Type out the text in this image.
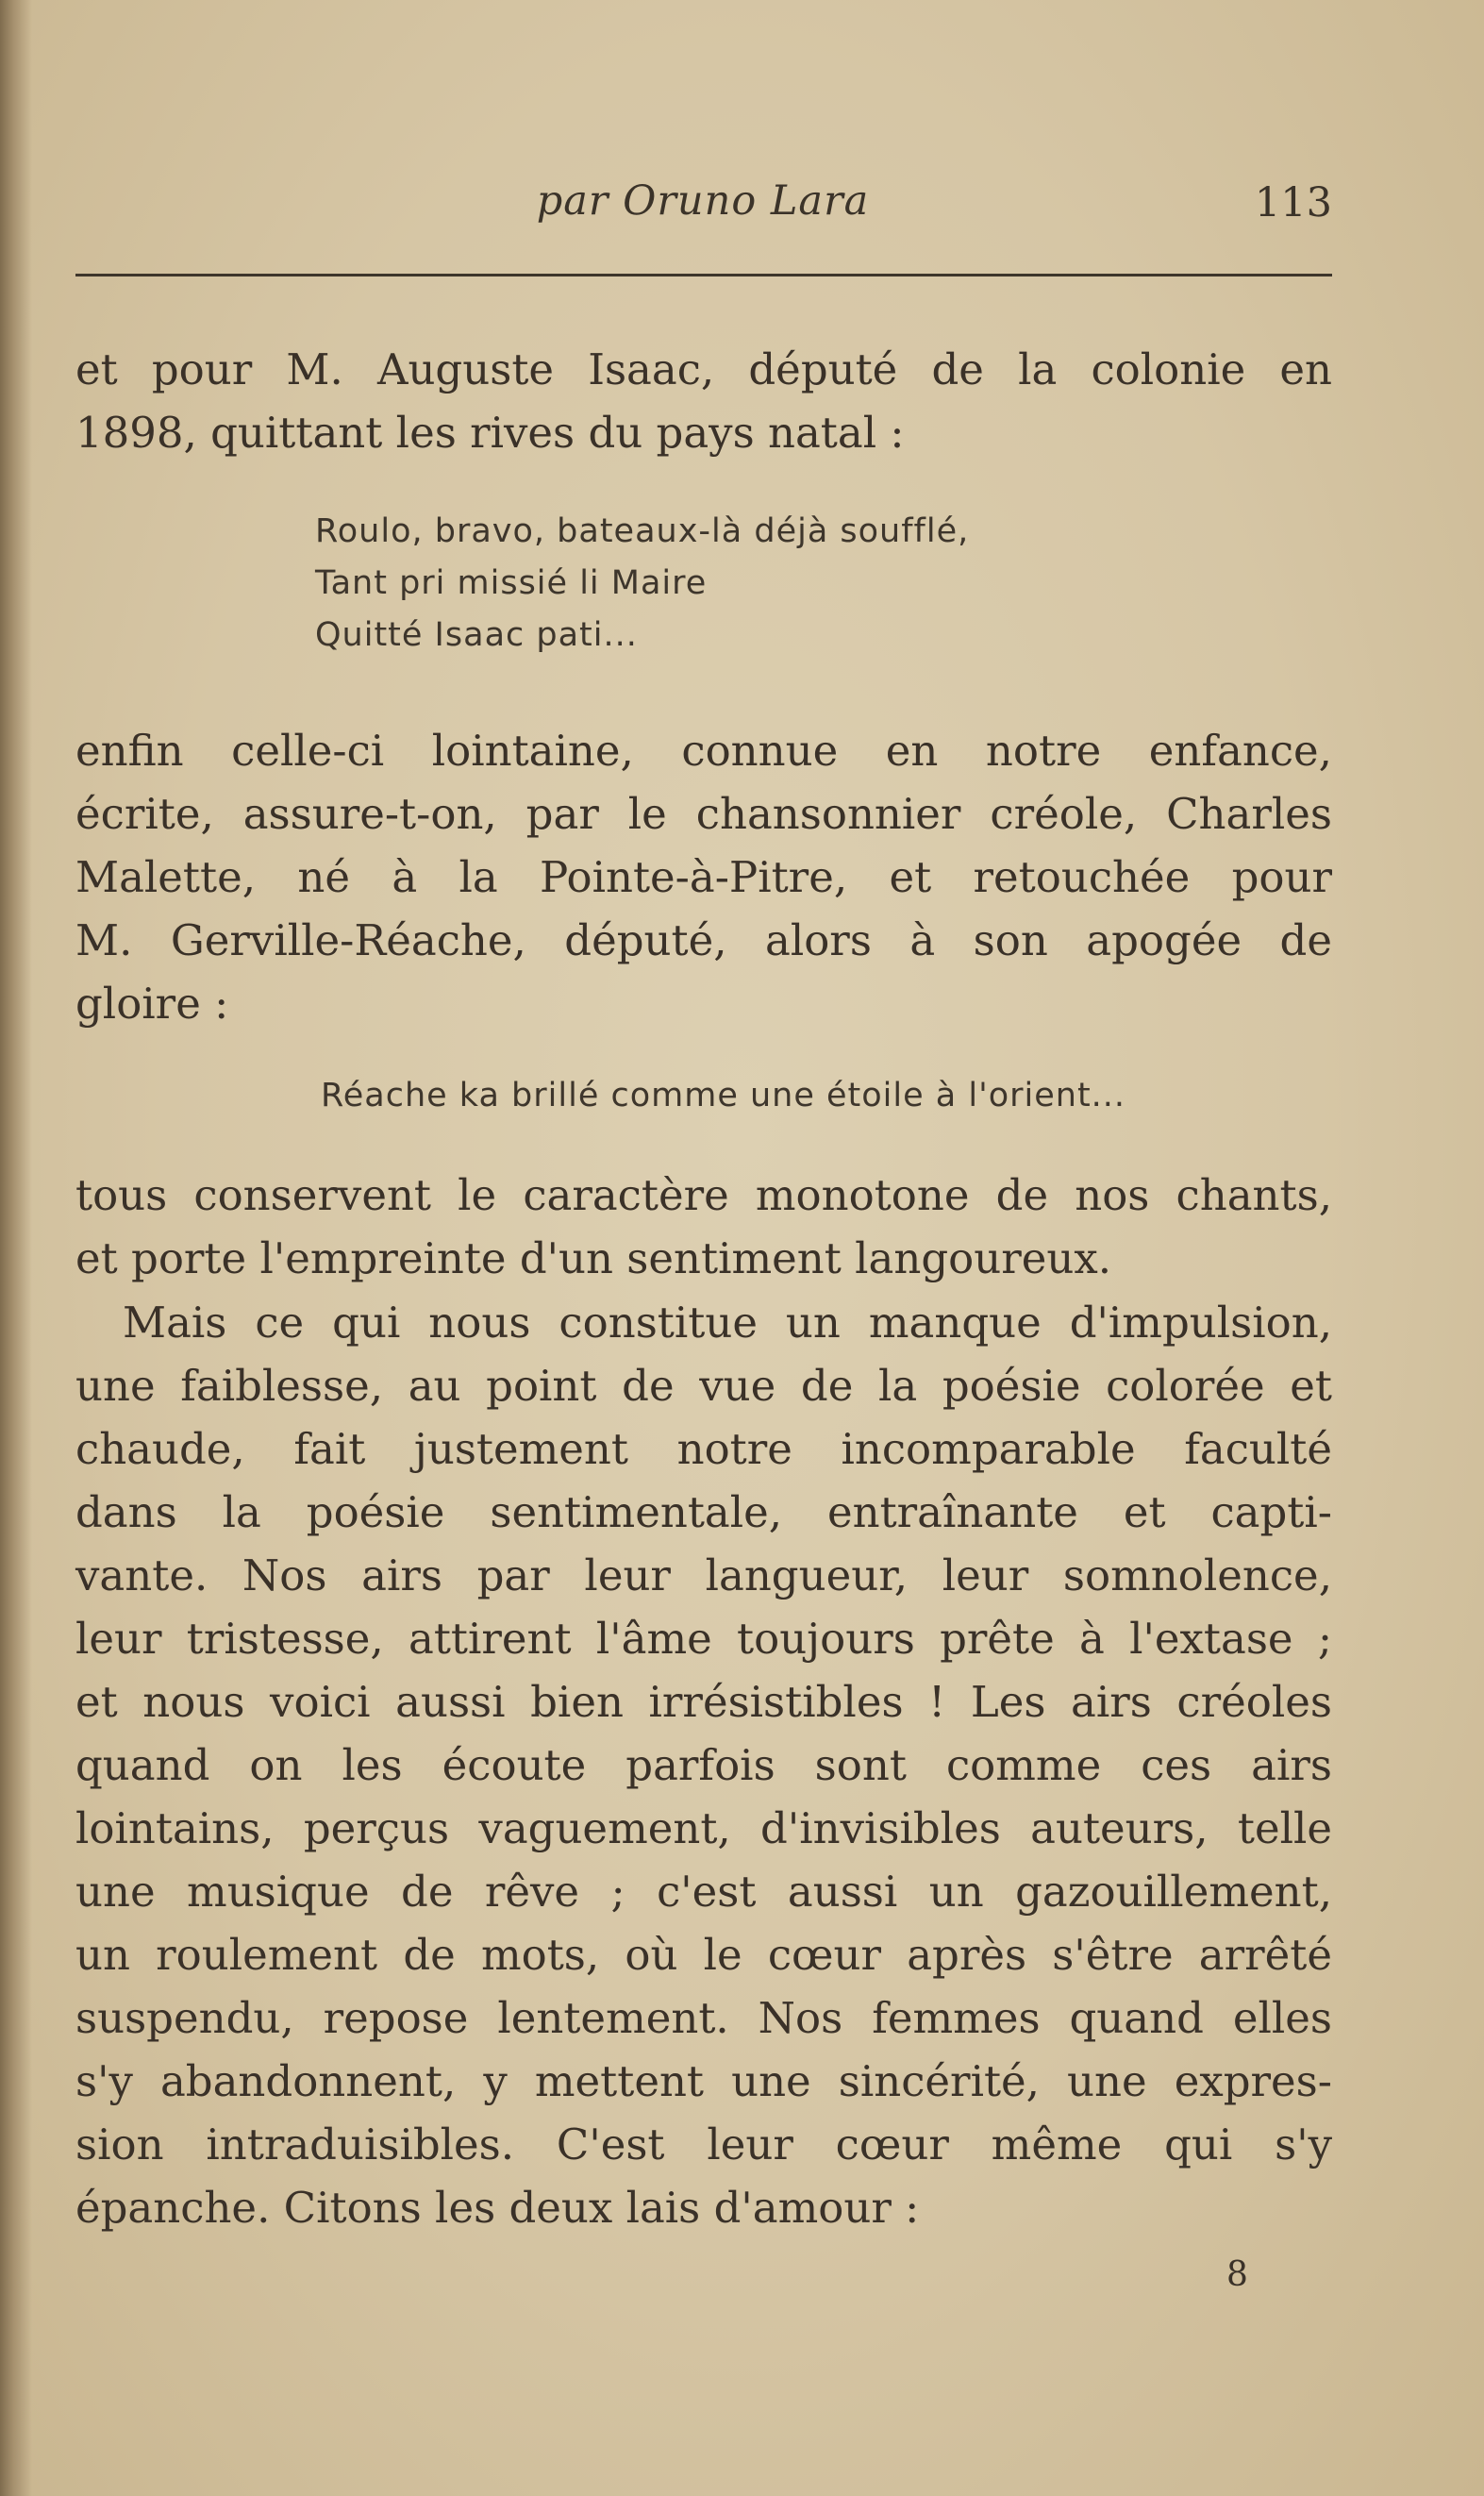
par Oruno Lara	113
et pour M. Auguste Isaac, député de la colonie en
1898, quittant les rives du pays natal :
Roulo, bravo, bateaux-là déjà soufflé,
Tant pri missié li Maire
Quitté Isaac pati...
enfin celle-ci lointaine, connue en notre enfance,
écrite, assure-t-on, par le chansonnier créole, Charles
Malette, né à la Pointe-à-Pitre, et retouchée pour
M. Gerville-Réache, député, alors à son apogée de
gloire :
Réache ka brillé comme une étoile à l'orient...
tous conservent le caractère monotone de nos chants,
et porte l'empreinte d'un sentiment langoureux.
Mais ce qui nous constitue un manque d'impulsion,
une faiblesse, au point de vue de la poésie colorée et
chaude, fait justement notre incomparable faculté
dans la poésie sentimentale, entraînante et capti-
vante. Nos airs par leur langueur, leur somnolence,
leur tristesse, attirent l'âme toujours prête à l'extase ;
et nous voici aussi bien irrésistibles ! Les airs créoles
quand on les écoute parfois sont comme ces airs
lointains, perçus vaguement, d'invisibles auteurs, telle
une musique de rêve ; c'est aussi un gazouillement,
un roulement de mots, où le cœur après s'être arrêté
suspendu, repose lentement. Nos femmes quand elles
s'y abandonnent, y mettent une sincérité, une expres-
sion intraduisibles. C'est leur cœur même qui s'y
épanche. Citons les deux lais d'amour :
8
